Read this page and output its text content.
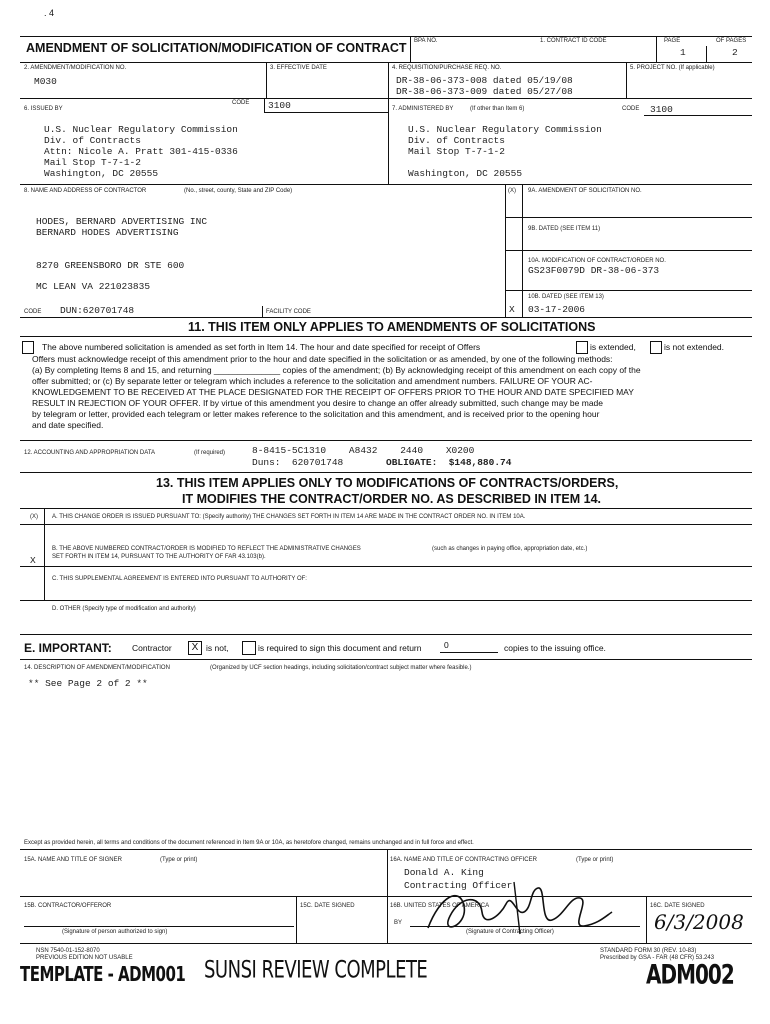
. 4
AMENDMENT OF SOLICITATION/MODIFICATION OF CONTRACT BPA NO.	1. CONTRACT ID CODE	PAGE	OF PAGES
1	2
2. AMENDMENT/MODIFICATION NO.
M030
3. EFFECTIVE DATE	4. REQUISITION/PURCHASE REQ. NO.
DR-38-06-373-008 dated 05/19/08
DR-38-06-373-009 dated 05/27/08
5. PROJECT NO. (If applicable)
6. ISSUED BY
CODE 3100
U.S. Nuclear Regulatory Commission
Div. of Contracts
Attn: Nicole A. Pratt 301-415-0336
Mail Stop T-7-1-2
Washington, DC 20555
7. ADMINISTERED BY	(If other than Item 6)	CODE 3100
U.S. Nuclear Regulatory Commission
Div. of Contracts
Mail Stop T-7-1-2
Washington, DC 20555
8. NAME AND ADDRESS OF CONTRACTOR	(No., street, county, State and ZIP Code)
HODES, BERNARD ADVERTISING INC
BERNARD HODES ADVERTISING
8270 GREENSBORO DR STE 600
MC LEAN VA 221023835
(X) 9A. AMENDMENT OF SOLICITATION NO.
9B. DATED (SEE ITEM 11)
10A. MODIFICATION OF CONTRACT/ORDER NO.
GS23F0079D DR-38-06-373
10B. DATED (SEE ITEM 13)
X 03-17-2006
CODE DUN:620701748	FACILITY CODE
11. THIS ITEM ONLY APPLIES TO AMENDMENTS OF SOLICITATIONS
The above numbered solicitation is amended as set forth in Item 14. The hour and date specified for receipt of Offers	is extended,	is not extended.
Offers must acknowledge receipt of this amendment prior to the hour and date specified in the solicitation or as amended, by one of the following methods:
(a) By completing Items 8 and 15, and returning ______________ copies of the amendment; (b) By acknowledging receipt of this amendment on each copy of the
offer submitted; or (c) By separate letter or telegram which includes a reference to the solicitation and amendment numbers. FAILURE OF YOUR AC-
KNOWLEDGEMENT TO BE RECEIVED AT THE PLACE DESIGNATED FOR THE RECEIPT OF OFFERS PRIOR TO THE HOUR AND DATE SPECIFIED MAY
RESULT IN REJECTION OF YOUR OFFER. If by virtue of this amendment you desire to change an offer already submitted, such change may be made
by telegram or letter, provided each telegram or letter makes reference to the solicitation and this amendment, and is received prior to the opening hour
and date specified.
12. ACCOUNTING AND APPROPRIATION DATA	(If required)	8-8415-5C1310    A8432    2440    X0200
Duns:  620701748	OBLIGATE:  $148,880.74
13. THIS ITEM APPLIES ONLY TO MODIFICATIONS OF CONTRACTS/ORDERS,
IT MODIFIES THE CONTRACT/ORDER NO. AS DESCRIBED IN ITEM 14.
(X) A. THIS CHANGE ORDER IS ISSUED PURSUANT TO: (Specify authority) THE CHANGES SET FORTH IN ITEM 14 ARE MADE IN THE CONTRACT ORDER NO. IN ITEM 10A.
B. THE ABOVE NUMBERED CONTRACT/ORDER IS MODIFIED TO REFLECT THE ADMINISTRATIVE CHANGES	(such as changes in paying office, appropriation date, etc.)
SET FORTH IN ITEM 14, PURSUANT TO THE AUTHORITY OF FAR 43.103(b).
X
C. THIS SUPPLEMENTAL AGREEMENT IS ENTERED INTO PURSUANT TO AUTHORITY OF:
D. OTHER (Specify type of modification and authority)
E. IMPORTANT: Contractor	X is not,	is required to sign this document and return	0	copies to the issuing office.
14. DESCRIPTION OF AMENDMENT/MODIFICATION	(Organized by UCF section headings, including solicitation/contract subject matter where feasible.)
** See Page 2 of 2 **
Except as provided herein, all terms and conditions of the document referenced in Item 9A or 10A, as heretofore changed, remains unchanged and in full force and effect.
15A. NAME AND TITLE OF SIGNER	(Type or print)	16A. NAME AND TITLE OF CONTRACTING OFFICER	(Type or print)
Donald A. King
Contracting Officer
15B. CONTRACTOR/OFFEROR
(Signature of person authorized to sign)
15C. DATE SIGNED	16B. UNITED STATES OF AMERICA
BY
(Signature of Contracting Officer)
16C. DATE SIGNED
6/3/2008
NSN 7540-01-152-8070
PREVIOUS EDITION NOT USABLE
STANDARD FORM 30 (REV. 10-83)
Prescribed by GSA - FAR (48 CFR) 53.243
TEMPLATE - ADM001 SUNSI REVIEW COMPLETE	ADM002
